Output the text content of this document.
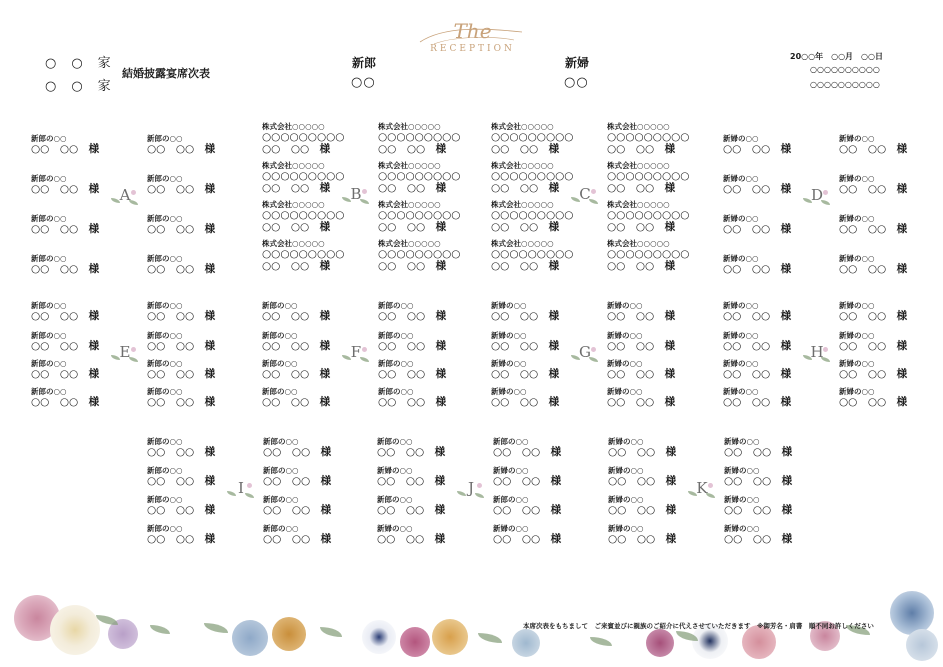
○　○　家
○　○　家
結婚披露宴席次表
新郎
○○
新婦
○○
The
RECEPTION
20○○年　○○月　○○日
○○○○○○○○○○
○○○○○○○○○○
新郎の○○
○○　○○　様
新郎の○○
○○　○○　様
新郎の○○
○○　○○　様
新郎の○○
○○　○○　様
新郎の○○
○○　○○　様
新郎の○○
○○　○○　様
新郎の○○
○○　○○　様
新郎の○○
○○　○○　様
A
株式会社○○○○○
○○○○○○○○○
○○　○○　様
株式会社○○○○○
○○○○○○○○○
○○　○○　様
株式会社○○○○○
○○○○○○○○○
○○　○○　様
株式会社○○○○○
○○○○○○○○○
○○　○○　様
株式会社○○○○○
○○○○○○○○○
○○　○○　様
株式会社○○○○○
○○○○○○○○○
○○　○○　様
株式会社○○○○○
○○○○○○○○○
○○　○○　様
株式会社○○○○○
○○○○○○○○○
○○　○○　様
B
株式会社○○○○○
○○○○○○○○○
○○　○○　様
株式会社○○○○○
○○○○○○○○○
○○　○○　様
株式会社○○○○○
○○○○○○○○○
○○　○○　様
株式会社○○○○○
○○○○○○○○○
○○　○○　様
株式会社○○○○○
○○○○○○○○○
○○　○○　様
株式会社○○○○○
○○○○○○○○○
○○　○○　様
株式会社○○○○○
○○○○○○○○○
○○　○○　様
株式会社○○○○○
○○○○○○○○○
○○　○○　様
C
新婦の○○
○○　○○　様
新婦の○○
○○　○○　様
新婦の○○
○○　○○　様
新婦の○○
○○　○○　様
新婦の○○
○○　○○　様
新婦の○○
○○　○○　様
新婦の○○
○○　○○　様
新婦の○○
○○　○○　様
D
新郎の○○
○○　○○　様
新郎の○○
○○　○○　様
新郎の○○
○○　○○　様
新郎の○○
○○　○○　様
新郎の○○
○○　○○　様
新郎の○○
○○　○○　様
新郎の○○
○○　○○　様
新郎の○○
○○　○○　様
E
新郎の○○
○○　○○　様
新郎の○○
○○　○○　様
新郎の○○
○○　○○　様
新郎の○○
○○　○○　様
新郎の○○
○○　○○　様
新郎の○○
○○　○○　様
新郎の○○
○○　○○　様
新郎の○○
○○　○○　様
F
新婦の○○
○○　○○　様
新婦の○○
○○　○○　様
新婦の○○
○○　○○　様
新婦の○○
○○　○○　様
新婦の○○
○○　○○　様
新婦の○○
○○　○○　様
新婦の○○
○○　○○　様
新婦の○○
○○　○○　様
G
新婦の○○
○○　○○　様
新婦の○○
○○　○○　様
新婦の○○
○○　○○　様
新婦の○○
○○　○○　様
新婦の○○
○○　○○　様
新婦の○○
○○　○○　様
新婦の○○
○○　○○　様
新婦の○○
○○　○○　様
H
新郎の○○
○○　○○　様
新郎の○○
○○　○○　様
新郎の○○
○○　○○　様
新郎の○○
○○　○○　様
新郎の○○
○○　○○　様
新郎の○○
○○　○○　様
新郎の○○
○○　○○　様
新郎の○○
○○　○○　様
I
新郎の○○
○○　○○　様
新婦の○○
○○　○○　様
新郎の○○
○○　○○　様
新婦の○○
○○　○○　様
新郎の○○
○○　○○　様
新婦の○○
○○　○○　様
新郎の○○
○○　○○　様
新婦の○○
○○　○○　様
J
新婦の○○
○○　○○　様
新婦の○○
○○　○○　様
新婦の○○
○○　○○　様
新婦の○○
○○　○○　様
新婦の○○
○○　○○　様
新婦の○○
○○　○○　様
新婦の○○
○○　○○　様
新婦の○○
○○　○○　様
K
本席次表をもちまして　ご来賓並びに親族のご紹介に代えさせていただきます　※御芳名・肩書　順不同お許しください
